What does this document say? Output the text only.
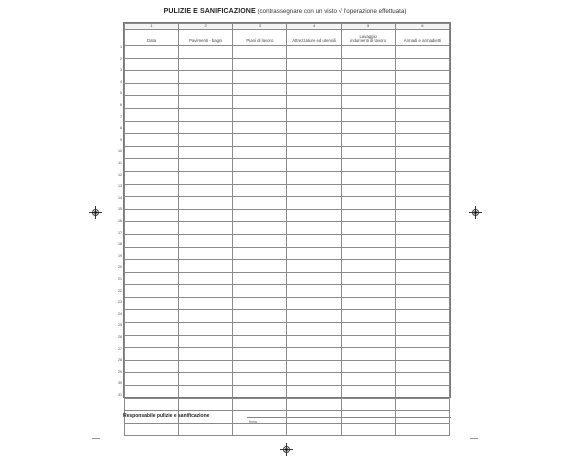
PULIZIE E SANIFICAZIONE (contrassegnare con un visto √ l'operazione effettuata)
1	2	3	4	5	6
Data	Pavimenti - bagni	Piani di lavoro	Attrezzature ed utensili	Lavaggio
indumenti di lavoro	Armadi e armadietti

1
2
3
4
5
6
7
8
9
10
11
12
13
14
15
16
17
18
19
20
21
22
23
24
25
26
27
28
29
30
31
Responsabile pulizie e sanificazione
firma
